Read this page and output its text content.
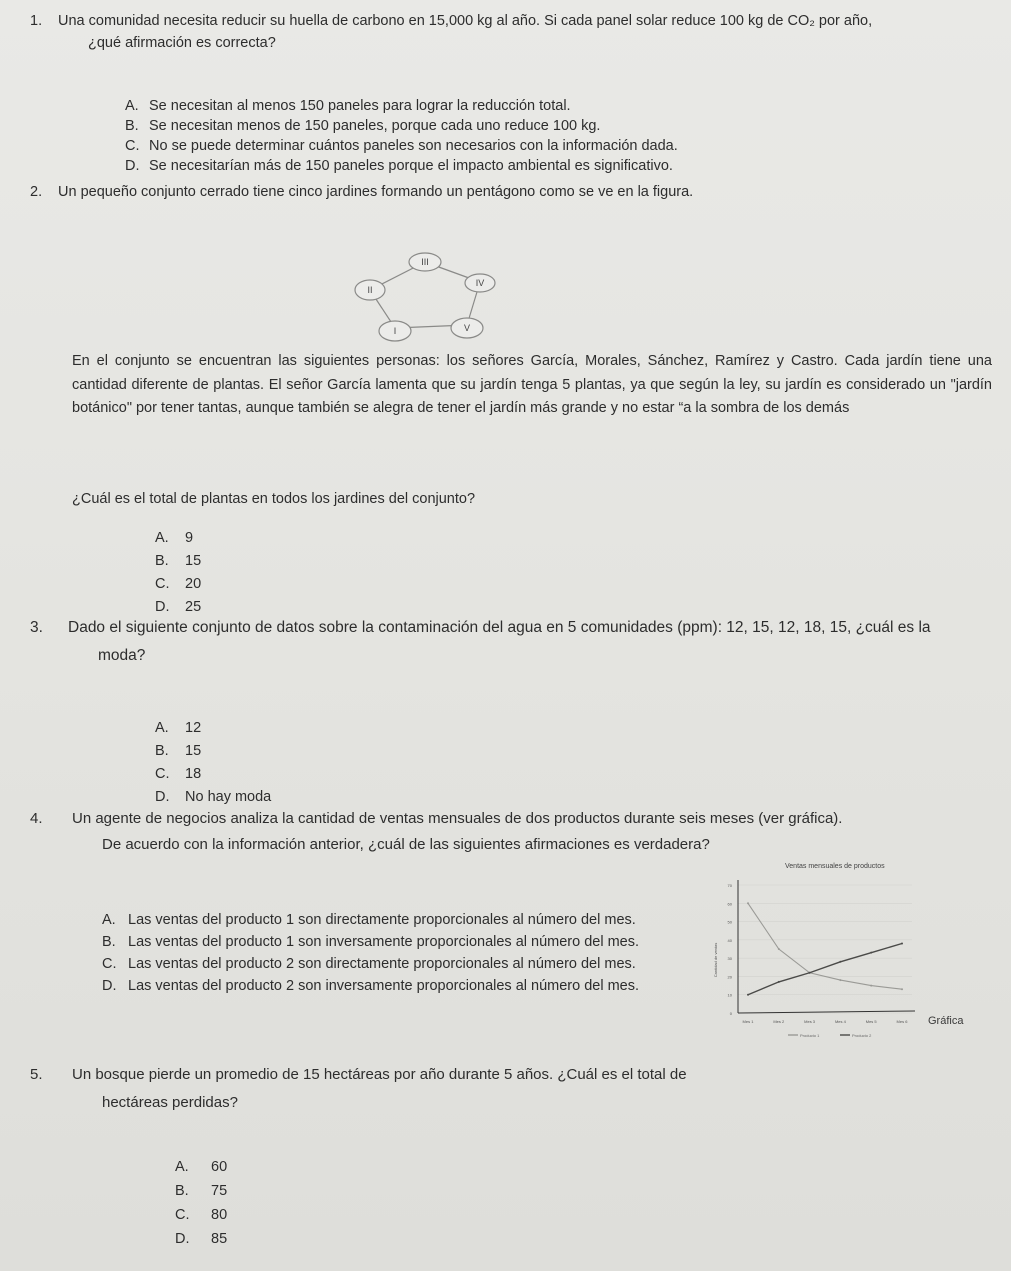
1. Una comunidad necesita reducir su huella de carbono en 15,000 kg al año. Si cada panel solar reduce 100 kg de CO₂ por año,
¿qué afirmación es correcta?
A. Se necesitan al menos 150 paneles para lograr la reducción total.
B. Se necesitan menos de 150 paneles, porque cada uno reduce 100 kg.
C. No se puede determinar cuántos paneles son necesarios con la información dada.
D. Se necesitarían más de 150 paneles porque el impacto ambiental es significativo.
2. Un pequeño conjunto cerrado tiene cinco jardines formando un pentágono como se ve en la figura.
I
II
III
IV
V
En el conjunto se encuentran las siguientes personas: los señores García, Morales, Sánchez, Ramírez y Castro. Cada jardín tiene una cantidad diferente de plantas. El señor García lamenta que su jardín tenga 5 plantas, ya que según la ley, su jardín es considerado un "jardín botánico" por tener tantas, aunque también se alegra de tener el jardín más grande y no estar “a la sombra de los demás
¿Cuál es el total de plantas en todos los jardines del conjunto?
A. 9
B. 15
C. 20
D. 25
3. Dado el siguiente conjunto de datos sobre la contaminación del agua en 5 comunidades (ppm): 12, 15, 12, 18, 15, ¿cuál es la
moda?
A. 12
B. 15
C. 18
D. No hay moda
4. Un agente de negocios analiza la cantidad de ventas mensuales de dos productos durante seis meses (ver gráfica).
De acuerdo con la información anterior, ¿cuál de las siguientes afirmaciones es verdadera?
A. Las ventas del producto 1 son directamente proporcionales al número del mes.
B. Las ventas del producto 1 son inversamente proporcionales al número del mes.
C. Las ventas del producto 2 son directamente proporcionales al número del mes.
D. Las ventas del producto 2 son inversamente proporcionales al número del mes.
Ventas mensuales de productos
Cantidad de ventas
0
10
20
30
40
50
60
70
Mes 1	Mes 2	Mes 3	Mes 4	Mes 5	Mes 6
Producto 1	Producto 2
Gráfica
5. Un bosque pierde un promedio de 15 hectáreas por año durante 5 años. ¿Cuál es el total de
hectáreas perdidas?
A. 60
B. 75
C. 80
D. 85
